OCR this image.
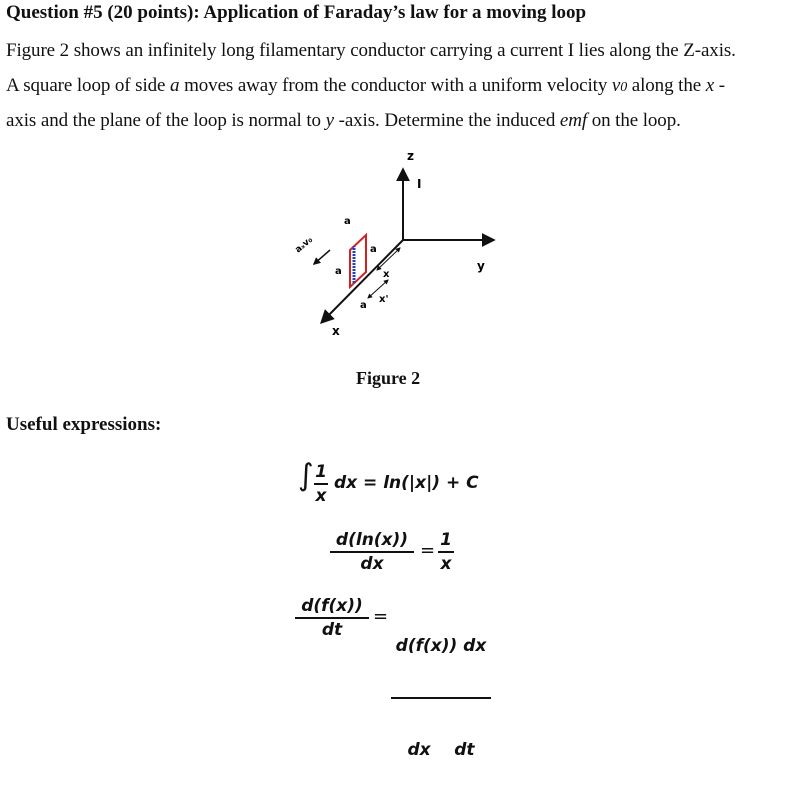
Question #5 (20 points): Application of Faraday’s law for a moving loop
Figure 2 shows an infinitely long filamentary conductor carrying a current I lies along the Z-axis.
A square loop of side a moves away from the conductor with a uniform velocity v0 along the x -
axis and the plane of the loop is normal to y -axis. Determine the induced emf on the loop.
z
I
y
x
a
a
a
a
x
x'
aₓv₀
Figure 2
Useful expressions:
∫ 1
x
dx = ln(|x|) + C
d(ln(x))
dx
= 1
x
d(f(x))
dt
=

d(f(x)) dx

dx    dt
